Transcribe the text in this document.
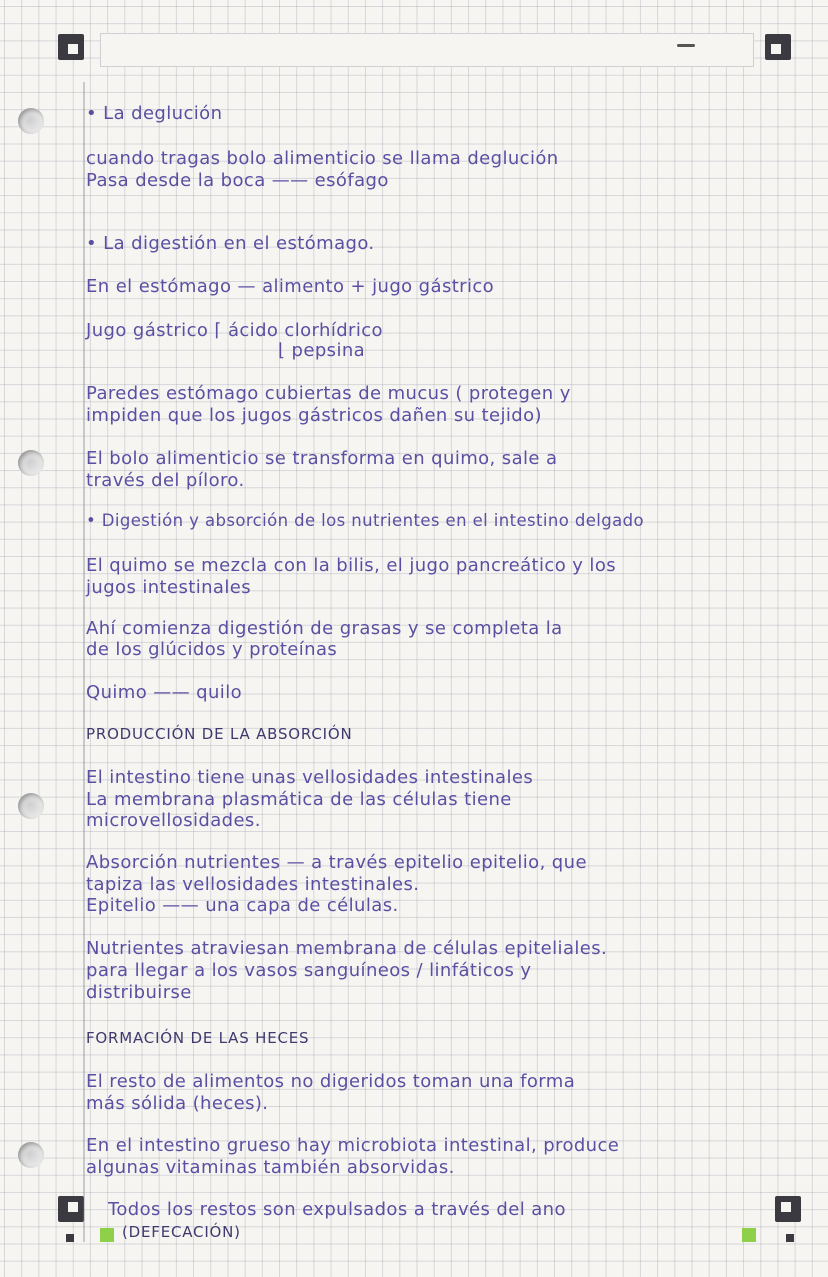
• La deglución

cuando tragas bolo alimenticio se llama deglución

Pasa desde la boca —— esófago

• La digestión en el estómago.

En el estómago — alimento + jugo gástrico

Jugo gástrico ⌈ ácido clorhídrico

⌊ pepsina

Paredes estómago cubiertas de mucus ( protegen y

impiden que los jugos gástricos dañen su tejido)

El bolo alimenticio se transforma en quimo, sale a

través del píloro.

• Digestión y absorción de los nutrientes en el intestino delgado

El quimo se mezcla con la bilis, el jugo pancreático y los

jugos intestinales

Ahí comienza digestión de grasas y se completa la

de los glúcidos y proteínas

Quimo —— quilo

PRODUCCIÓN DE LA ABSORCIÓN

El intestino tiene unas vellosidades intestinales

La membrana plasmática de las células tiene

microvellosidades.

Absorción nutrientes — a través epitelio epitelio, que

tapiza las vellosidades intestinales.

Epitelio —— una capa de células.

Nutrientes atraviesan membrana de células epiteliales.

para llegar a los vasos sanguíneos / linfáticos y

distribuirse

FORMACIÓN DE LAS HECES

El resto de alimentos no digeridos toman una forma

más sólida (heces).

En el intestino grueso hay microbiota intestinal, produce

algunas vitaminas también absorvidas.

Todos los restos son expulsados a través del ano

(DEFECACIÓN)
